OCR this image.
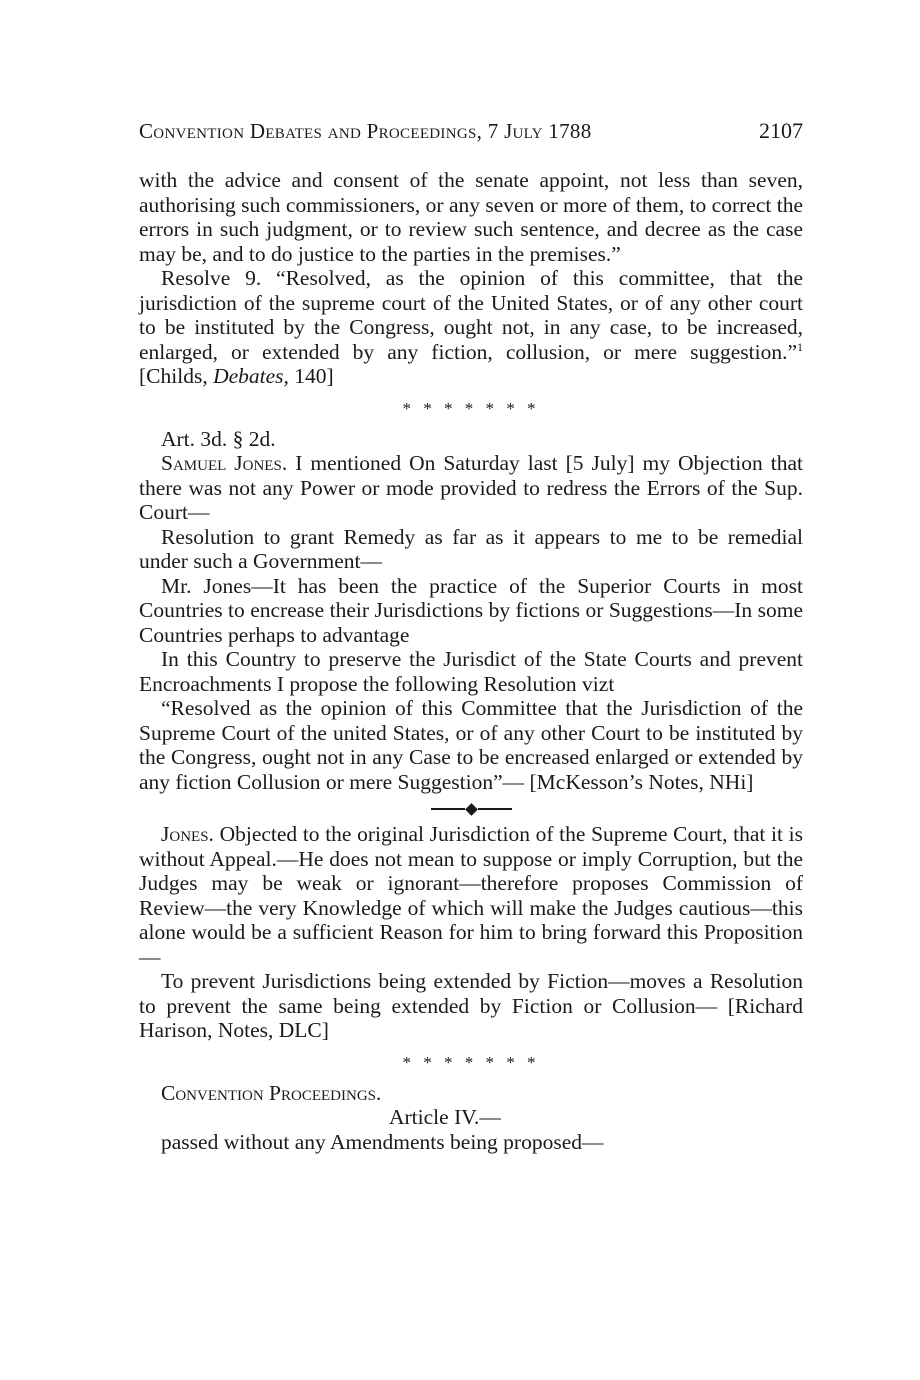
Convention Debates and Proceedings, 7 July 1788	2107

with the advice and consent of the senate appoint, not less than seven, authorising such commissioners, or any seven or more of them, to correct the errors in such judgment, or to review such sentence, and decree as the case may be, and to do justice to the parties in the premises.”

Resolve 9. “Resolved, as the opinion of this committee, that the jurisdiction of the supreme court of the United States, or of any other court to be instituted by the Congress, ought not, in any case, to be increased, enlarged, or extended by any fiction, collusion, or mere suggestion.”$^1$ [Childs, Debates, 140]

* * * * * * *

Art. 3d. § 2d.

Samuel Jones. I mentioned On Saturday last [5 July] my Objection that there was not any Power or mode provided to redress the Errors of the Sup. Court—

Resolution to grant Remedy as far as it appears to me to be remedial under such a Government—

Mr. Jones—It has been the practice of the Superior Courts in most Countries to encrease their Jurisdictions by fictions or Suggestions—In some Countries perhaps to advantage

In this Country to preserve the Jurisdict of the State Courts and prevent Encroachments I propose the following Resolution vizt

“Resolved as the opinion of this Committee that the Jurisdiction of the Supreme Court of the united States, or of any other Court to be instituted by the Congress, ought not in any Case to be encreased enlarged or extended by any fiction Collusion or mere Suggestion”— [McKesson’s Notes, NHi]

Jones. Objected to the original Jurisdiction of the Supreme Court, that it is without Appeal.—He does not mean to suppose or imply Corruption, but the Judges may be weak or ignorant—therefore proposes Commission of Review—the very Knowledge of which will make the Judges cautious—this alone would be a sufficient Reason for him to bring forward this Proposition—

To prevent Jurisdictions being extended by Fiction—moves a Resolution to prevent the same being extended by Fiction or Collusion— [Richard Harison, Notes, DLC]

* * * * * * *

Convention Proceedings.

Article IV.—

passed without any Amendments being proposed—
